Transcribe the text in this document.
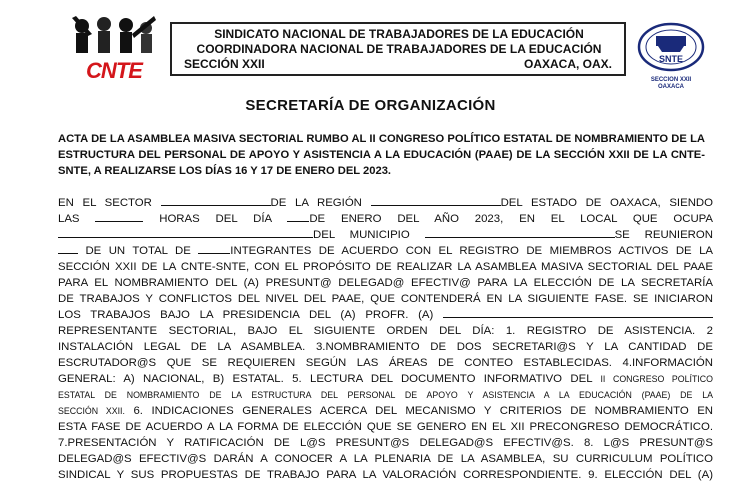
CNTE
SINDICATO NACIONAL DE TRABAJADORES DE LA EDUCACIÓN
COORDINADORA NACIONAL DE TRABAJADORES DE LA EDUCACIÓN
SECCIÓN XXII	OAXACA, OAX.	SNTE
SECCION XXII
OAXACA
SECRETARÍA DE ORGANIZACIÓN
ACTA DE LA ASAMBLEA MASIVA SECTORIAL RUMBO AL II CONGRESO POLÍTICO ESTATAL DE NOMBRAMIENTO DE LA ESTRUCTURA DEL PERSONAL DE APOYO Y ASISTENCIA A LA EDUCACIÓN (PAAE) DE LA SECCIÓN XXII DE LA CNTE-SNTE, A REALIZARSE LOS DÍAS 16 Y 17 DE ENERO DEL 2023.

EN EL SECTOR	DE LA REGIÓN	DEL ESTADO DE OAXACA, SIENDO

LAS	HORAS DEL DÍA	DE ENERO DEL AÑO 2023, EN EL LOCAL QUE OCUPA

DEL MUNICIPIO	SE REUNIERON

DE UN TOTAL DE	INTEGRANTES DE ACUERDO CON EL REGISTRO DE MIEMBROS ACTIVOS DE LA

SECCIÓN XXII DE LA CNTE-SNTE, CON EL PROPÓSITO DE REALIZAR LA ASAMBLEA MASIVA SECTORIAL DEL PAAE

PARA EL NOMBRAMIENTO DEL (A) PRESUNT@ DELEGAD@ EFECTIV@ PARA LA ELECCIÓN DE LA SECRETARÍA

DE TRABAJOS Y CONFLICTOS DEL NIVEL DEL PAAE, QUE CONTENDERÁ EN LA SIGUIENTE FASE. SE INICIARON

LOS TRABAJOS BAJO LA PRESIDENCIA DEL (A) PROFR. (A)

REPRESENTANTE SECTORIAL, BAJO EL SIGUIENTE ORDEN DEL DÍA: 1. REGISTRO DE ASISTENCIA. 2

INSTALACIÓN LEGAL DE LA ASAMBLEA. 3.NOMBRAMIENTO DE DOS SECRETARI@S Y LA CANTIDAD DE

ESCRUTADOR@S QUE SE REQUIEREN SEGÚN LAS ÁREAS DE CONTEO ESTABLECIDAS. 4.INFORMACIÓN

GENERAL: A) NACIONAL, B) ESTATAL. 5. LECTURA DEL DOCUMENTO INFORMATIVO DEL II CONGRESO POLÍTICO

ESTATAL DE NOMBRAMIENTO DE LA ESTRUCTURA DEL PERSONAL DE APOYO Y ASISTENCIA A LA EDUCACIÓN (PAAE) DE LA

SECCIÓN XXII. 6. INDICACIONES GENERALES ACERCA DEL MECANISMO Y CRITERIOS DE NOMBRAMIENTO EN

ESTA FASE DE ACUERDO A LA FORMA DE ELECCIÓN QUE SE GENERO EN EL XII PRECONGRESO DEMOCRÁTICO.

7.PRESENTACIÓN Y RATIFICACIÓN DE L@S PRESUNT@S DELEGAD@S EFECTIV@S. 8. L@S PRESUNT@S

DELEGAD@S EFECTIV@S DARÁN A CONOCER A LA PLENARIA DE LA ASAMBLEA, SU CURRICULUM POLÍTICO

SINDICAL Y SUS PROPUESTAS DE TRABAJO PARA LA VALORACIÓN CORRESPONDIENTE. 9. ELECCIÓN DEL (A)
